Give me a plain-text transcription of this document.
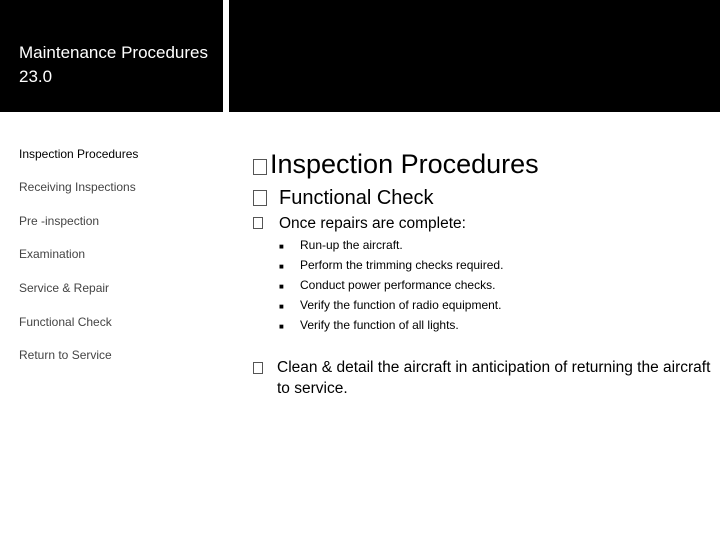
Maintenance Procedures 23.0
Inspection Procedures
Receiving Inspections
Pre -inspection
Examination
Service & Repair
Functional Check
Return to Service
Inspection Procedures
Functional Check
Once repairs are complete:
■ Run-up the aircraft.
■ Perform the trimming checks required.
■ Conduct power performance checks.
■ Verify the function of radio equipment.
■ Verify the function of all lights.
Clean & detail the aircraft in anticipation of returning the aircraft to service.
